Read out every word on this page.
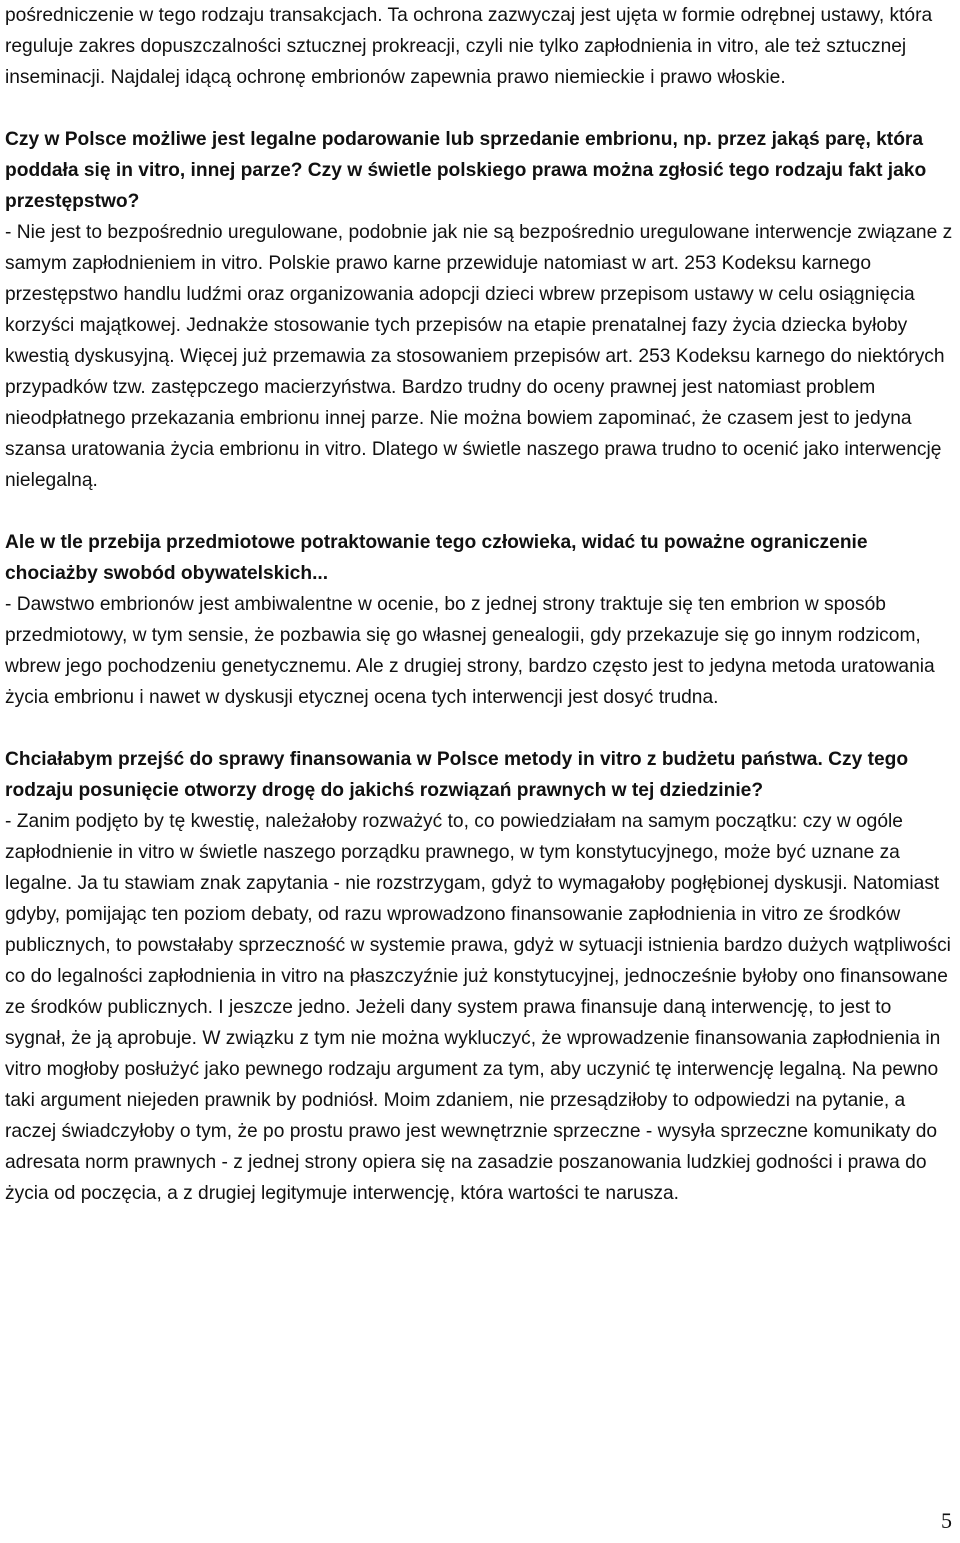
pośredniczenie w tego rodzaju transakcjach. Ta ochrona zazwyczaj jest ujęta w formie odrębnej ustawy, która reguluje zakres dopuszczalności sztucznej prokreacji, czyli nie tylko zapłodnienia in vitro, ale też sztucznej inseminacji. Najdalej idącą ochronę embrionów zapewnia prawo niemieckie i prawo włoskie.

Czy w Polsce możliwe jest legalne podarowanie lub sprzedanie embrionu, np. przez jakąś parę, która poddała się in vitro, innej parze? Czy w świetle polskiego prawa można zgłosić tego rodzaju fakt jako przestępstwo?

- Nie jest to bezpośrednio uregulowane, podobnie jak nie są bezpośrednio uregulowane interwencje związane z samym zapłodnieniem in vitro. Polskie prawo karne przewiduje natomiast w art. 253 Kodeksu karnego przestępstwo handlu ludźmi oraz organizowania adopcji dzieci wbrew przepisom ustawy w celu osiągnięcia korzyści majątkowej. Jednakże stosowanie tych przepisów na etapie prenatalnej fazy życia dziecka byłoby kwestią dyskusyjną. Więcej już przemawia za stosowaniem przepisów art. 253 Kodeksu karnego do niektórych przypadków tzw. zastępczego macierzyństwa. Bardzo trudny do oceny prawnej jest natomiast problem nieodpłatnego przekazania embrionu innej parze. Nie można bowiem zapominać, że czasem jest to jedyna szansa uratowania życia embrionu in vitro. Dlatego w świetle naszego prawa trudno to ocenić jako interwencję nielegalną.

Ale w tle przebija przedmiotowe potraktowanie tego człowieka, widać tu poważne ograniczenie chociażby swobód obywatelskich...

- Dawstwo embrionów jest ambiwalentne w ocenie, bo z jednej strony traktuje się ten embrion w sposób przedmiotowy, w tym sensie, że pozbawia się go własnej genealogii, gdy przekazuje się go innym rodzicom, wbrew jego pochodzeniu genetycznemu. Ale z drugiej strony, bardzo często jest to jedyna metoda uratowania życia embrionu i nawet w dyskusji etycznej ocena tych interwencji jest dosyć trudna.

Chciałabym przejść do sprawy finansowania w Polsce metody in vitro z budżetu państwa. Czy tego rodzaju posunięcie otworzy drogę do jakichś rozwiązań prawnych w tej dziedzinie?

- Zanim podjęto by tę kwestię, należałoby rozważyć to, co powiedziałam na samym początku: czy w ogóle zapłodnienie in vitro w świetle naszego porządku prawnego, w tym konstytucyjnego, może być uznane za legalne. Ja tu stawiam znak zapytania - nie rozstrzygam, gdyż to wymagałoby pogłębionej dyskusji. Natomiast gdyby, pomijając ten poziom debaty, od razu wprowadzono finansowanie zapłodnienia in vitro ze środków publicznych, to powstałaby sprzeczność w systemie prawa, gdyż w sytuacji istnienia bardzo dużych wątpliwości co do legalności zapłodnienia in vitro na płaszczyźnie już konstytucyjnej, jednocześnie byłoby ono finansowane ze środków publicznych. I jeszcze jedno. Jeżeli dany system prawa finansuje daną interwencję, to jest to sygnał, że ją aprobuje. W związku z tym nie można wykluczyć, że wprowadzenie finansowania zapłodnienia in vitro mogłoby posłużyć jako pewnego rodzaju argument za tym, aby uczynić tę interwencję legalną. Na pewno taki argument niejeden prawnik by podniósł. Moim zdaniem, nie przesądziłoby to odpowiedzi na pytanie, a raczej świadczyłoby o tym, że po prostu prawo jest wewnętrznie sprzeczne - wysyła sprzeczne komunikaty do adresata norm prawnych - z jednej strony opiera się na zasadzie poszanowania ludzkiej godności i prawa do życia od poczęcia, a z drugiej legitymuje interwencję, która wartości te narusza.

5
